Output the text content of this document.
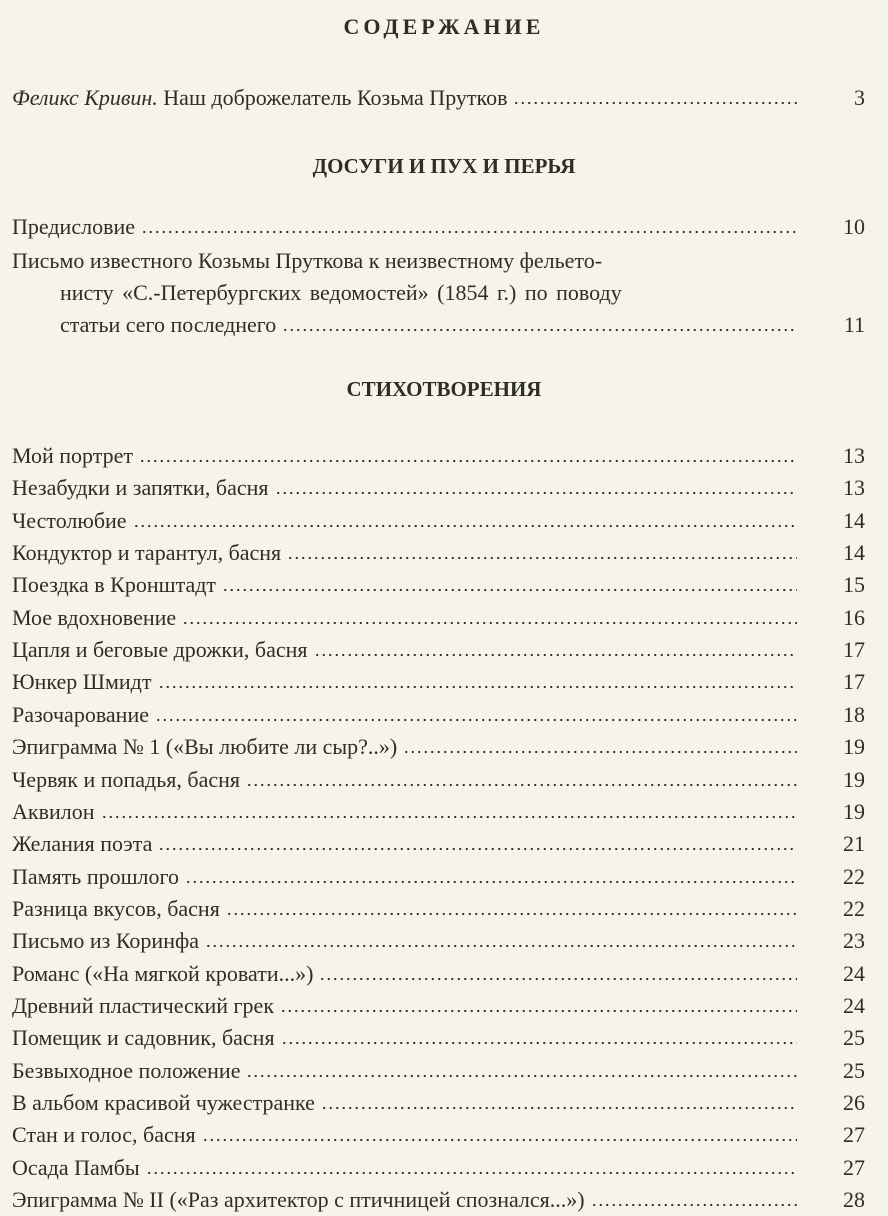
СОДЕРЖАНИЕ
Феликс Кривин. Наш доброжелатель Козьма Прутков	3
ДОСУГИ И ПУХ И ПЕРЬЯ
Предисловие	10
Письмо известного Козьмы Пруткова к неизвестному фельето-
нисту «С.-Петербургских ведомостей» (1854 г.) по поводу
статьи сего последнего	11
СТИХОТВОРЕНИЯ
Мой портрет	13
Незабудки и запятки, басня	13
Честолюбие	14
Кондуктор и тарантул, басня	14
Поездка в Кронштадт	15
Мое вдохновение	16
Цапля и беговые дрожки, басня	17
Юнкер Шмидт	17
Разочарование	18
Эпиграмма № 1 («Вы любите ли сыр?..»)	19
Червяк и попадья, басня	19
Аквилон	19
Желания поэта	21
Память прошлого	22
Разница вкусов, басня	22
Письмо из Коринфа	23
Романс («На мягкой кровати...»)	24
Древний пластический грек	24
Помещик и садовник, басня	25
Безвыходное положение	25
В альбом красивой чужестранке	26
Стан и голос, басня	27
Осада Памбы	27
Эпиграмма № II («Раз архитектор с птичницей спознался...»)	28
